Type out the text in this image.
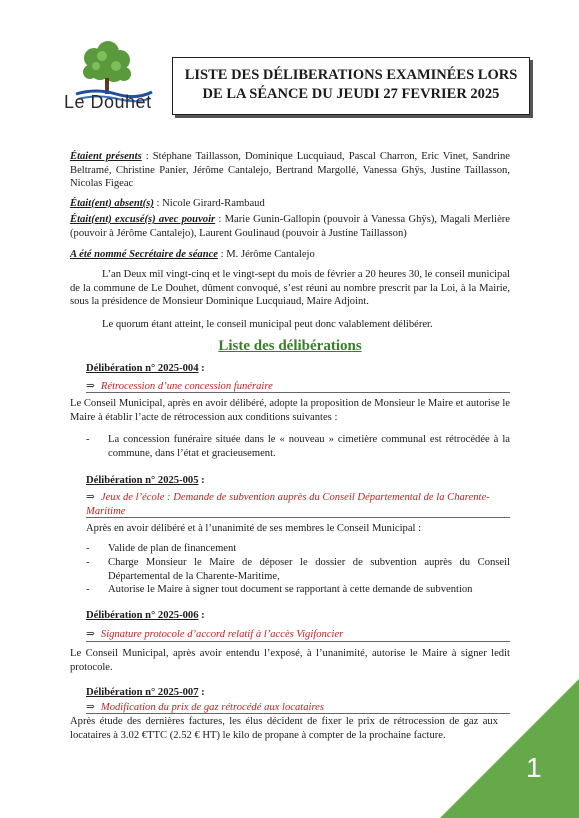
Le Douhet
LISTE DES DÉLIBERATIONS EXAMINÉES LORS
DE LA SÉANCE DU JEUDI 27 FEVRIER 2025
Étaient présents : Stéphane Taillasson, Dominique Lucquiaud, Pascal Charron, Eric Vinet, Sandrine Beltramé, Christine Panier, Jérôme Cantalejo, Bertrand Margollé, Vanessa Ghÿs, Justine Taillasson, Nicolas Figeac
Était(ent) absent(s) : Nicole Girard-Rambaud
Était(ent) excusé(s) avec pouvoir : Marie Gunin-Gallopin (pouvoir à Vanessa Ghÿs), Magali Merlière (pouvoir à Jérôme Cantalejo), Laurent Goulinaud (pouvoir à Justine Taillasson)
A été nommé Secrétaire de séance : M. Jérôme Cantalejo
L’an Deux mil vingt-cinq et le vingt-sept du mois de février a 20 heures 30, le conseil municipal de la commune de Le Douhet, dûment convoqué, s’est réuni au nombre prescrit par la Loi, à la Mairie, sous la présidence de Monsieur Dominique Lucquiaud, Maire Adjoint.
Le quorum étant atteint, le conseil municipal peut donc valablement délibérer.
Liste des délibérations
Délibération n° 2025-004 :
⇒ Rétrocession d’une concession funéraire
Le Conseil Municipal, après en avoir délibéré, adopte la proposition de Monsieur le Maire et autorise le Maire à établir l’acte de rétrocession aux conditions suivantes :
- La concession funéraire située dans le « nouveau » cimetière communal est rétrocédée à la commune, dans l’état et gracieusement.
Délibération n° 2025-005 :
⇒ Jeux de l’école : Demande de subvention auprès du Conseil Départemental de la Charente-Maritime
Après en avoir délibéré et à l’unanimité de ses membres le Conseil Municipal :
- Valide de plan de financement
- Charge Monsieur le Maire de déposer le dossier de subvention auprès du Conseil Départemental de la Charente-Maritime,
- Autorise le Maire à signer tout document se rapportant à cette demande de subvention
Délibération n° 2025-006 :
⇒ Signature protocole d’accord relatif à l’accès Vigifoncier
Le Conseil Municipal, après avoir entendu l’exposé, à l’unanimité, autorise le Maire à signer ledit protocole.
Délibération n° 2025-007 :
⇒ Modification du prix de gaz rétrocédé aux locataires
Après étude des dernières factures, les élus décident de fixer le prix de rétrocession de gaz aux locataires à 3.02 €TTC (2.52 € HT) le kilo de propane à compter de la prochaine facture.
1
